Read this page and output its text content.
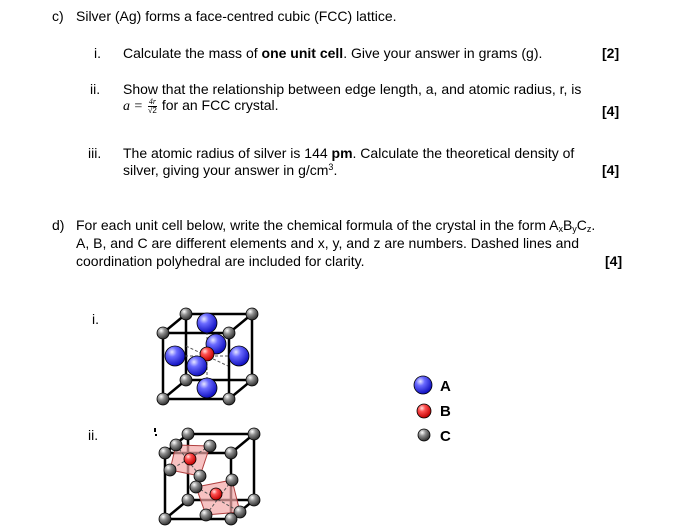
c) Silver (Ag) forms a face-centred cubic (FCC) lattice.
i. Calculate the mass of one unit cell. Give your answer in grams (g).	[2]
ii. Show that the relationship between edge length, a, and atomic radius, r, is
$a = \frac{4r}{√2}$ for an FCC crystal.	[4]
iii. The atomic radius of silver is 144 pm. Calculate the theoretical density of
silver, giving your answer in $g/cm^3$.	[4]
d) For each unit cell below, write the chemical formula of the crystal in the form $A_xB_yC_z$.
A, B, and C are different elements and x, y, and z are numbers. Dashed lines and
coordination polyhedral are included for clarity.	[4]
i.
ii.
A
B
C
